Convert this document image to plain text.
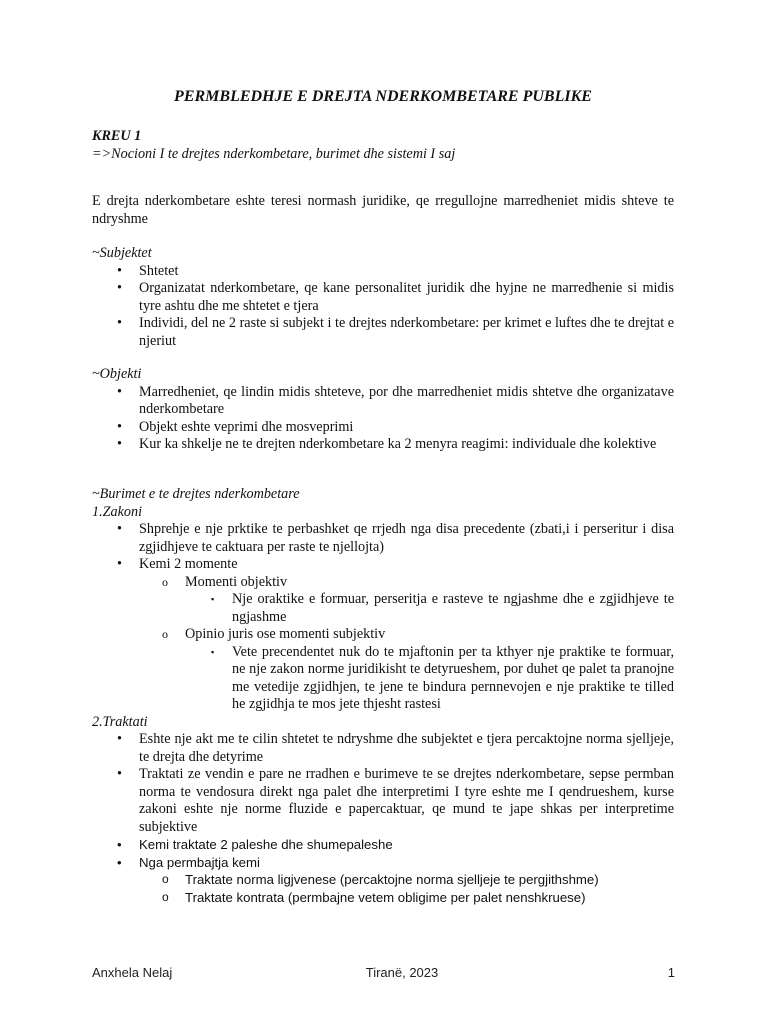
PERMBLEDHJE E DREJTA NDERKOMBETARE PUBLIKE
KREU 1
=>Nocioni I te drejtes nderkombetare, burimet dhe sistemi I saj
E drejta nderkombetare eshte teresi normash juridike, qe rregullojne marredheniet midis shteve te ndryshme
~Subjektet
• Shtetet
• Organizatat nderkombetare, qe kane personalitet juridik dhe hyjne ne marredhenie si midis tyre ashtu dhe me shtetet e tjera
• Individi, del ne 2 raste si subjekt i te drejtes nderkombetare: per krimet e luftes dhe te drejtat e njeriut
~Objekti
• Marredheniet, qe lindin midis shteteve, por dhe marredheniet midis shtetve dhe organizatave nderkombetare
• Objekt eshte veprimi dhe mosveprimi
• Kur ka shkelje ne te drejten nderkombetare ka 2 menyra reagimi: individuale dhe kolektive
~Burimet e te drejtes nderkombetare
1.Zakoni
• Shprehje e nje prktike te perbashket qe rrjedh nga disa precedente (zbati,i i perseritur i disa zgjidhjeve te caktuara per raste te njellojta)
• Kemi 2 momente
o Momenti objektiv
▪ Nje oraktike e formuar, perseritja e rasteve te ngjashme dhe e zgjidhjeve te ngjashme
o Opinio juris ose momenti subjektiv
▪ Vete precendentet nuk do te mjaftonin per ta kthyer nje praktike te formuar, ne nje zakon norme juridikisht te detyrueshem, por duhet qe palet ta pranojne me vetedije zgjidhjen, te jene te bindura pernnevojen e nje praktike te tilled he zgjidhja te mos jete thjesht rastesi
2.Traktati
• Eshte nje akt me te cilin shtetet te ndryshme dhe subjektet e tjera percaktojne norma sjelljeje, te drejta dhe detyrime
• Traktati ze vendin e pare ne rradhen e burimeve te se drejtes nderkombetare, sepse permban norma te vendosura direkt nga palet dhe interpretimi I tyre eshte me I qendrueshem, kurse zakoni eshte nje norme fluzide e papercaktuar, qe mund te jape shkas per interpretime subjektive
• Kemi traktate 2 paleshe dhe shumepaleshe
• Nga permbajtja kemi
o Traktate norma ligjvenese (percaktojne norma sjelljeje te pergjithshme)
o Traktate kontrata (permbajne vetem obligime per palet nenshkruese)
Anxhela Nelaj	Tiranë, 2023	1
